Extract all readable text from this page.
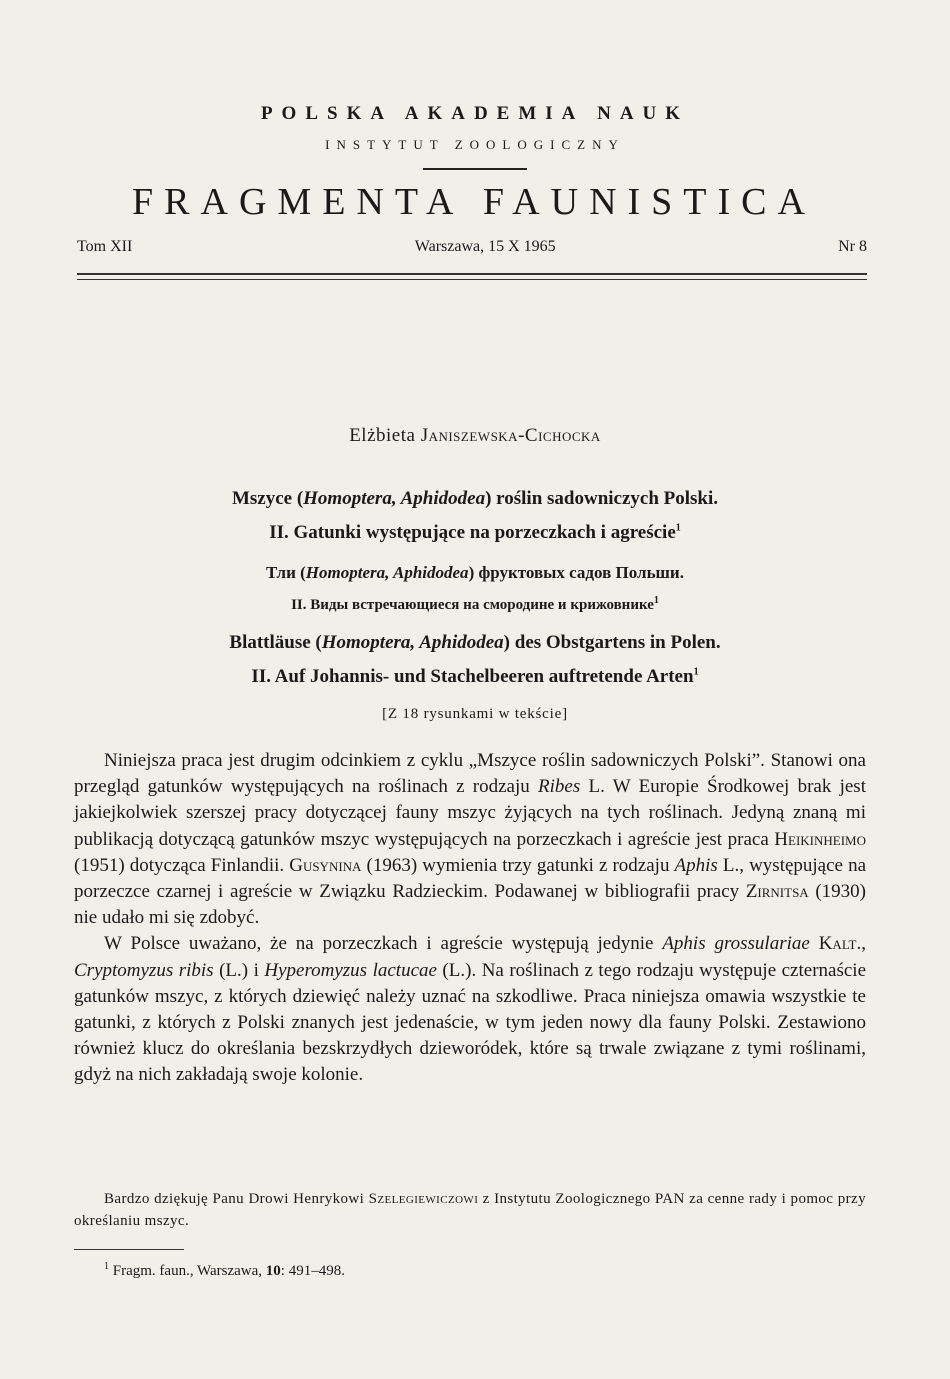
POLSKA AKADEMIA NAUK
INSTYTUT ZOOLOGICZNY
FRAGMENTA FAUNISTICA
Tom XII	Warszawa, 15 X 1965	Nr 8
Elżbieta Janiszewska-Cichocka
Mszyce (Homoptera, Aphidodea) roślin sadowniczych Polski.
II. Gatunki występujące na porzeczkach i agreście$^1$
Тли (Homoptera, Aphidodea) фруктовых садов Польши.
II. Виды встречающиеся на смородине и крижовнике$^1$
Blattläuse (Homoptera, Aphidodea) des Obstgartens in Polen.
II. Auf Johannis- und Stachelbeeren auftretende Arten$^1$
[Z 18 rysunkami w tekście]

Niniejsza praca jest drugim odcinkiem z cyklu „Mszyce roślin sadowniczych Polski”. Stanowi ona przegląd gatunków występujących na roślinach z rodzaju Ribes L. W Europie Środkowej brak jest jakiejkolwiek szerszej pracy dotyczącej fauny mszyc żyjących na tych roślinach. Jedyną znaną mi publikacją dotyczącą gatunków mszyc występujących na porzeczkach i agreście jest praca Heikinheimo (1951) dotycząca Finlandii. Gusynina (1963) wymienia trzy gatunki z rodzaju Aphis L., występujące na porzeczce czarnej i agreście w Związku Radzieckim. Podawanej w bibliografii pracy Zirnitsa (1930) nie udało mi się zdobyć.

W Polsce uważano, że na porzeczkach i agreście występują jedynie Aphis grossulariae Kalt., Cryptomyzus ribis (L.) i Hyperomyzus lactucae (L.). Na roślinach z tego rodzaju występuje czternaście gatunków mszyc, z których dziewięć należy uznać na szkodliwe. Praca niniejsza omawia wszystkie te gatunki, z których z Polski znanych jest jedenaście, w tym jeden nowy dla fauny Polski. Zestawiono również klucz do określania bezskrzydłych dzieworódek, które są trwale związane z tymi roślinami, gdyż na nich zakładają swoje kolonie.

Bardzo dziękuję Panu Drowi Henrykowi Szelegiewiczowi z Instytutu Zoologicznego PAN za cenne rady i pomoc przy określaniu mszyc.

$^1$ Fragm. faun., Warszawa, 10: 491–498.
